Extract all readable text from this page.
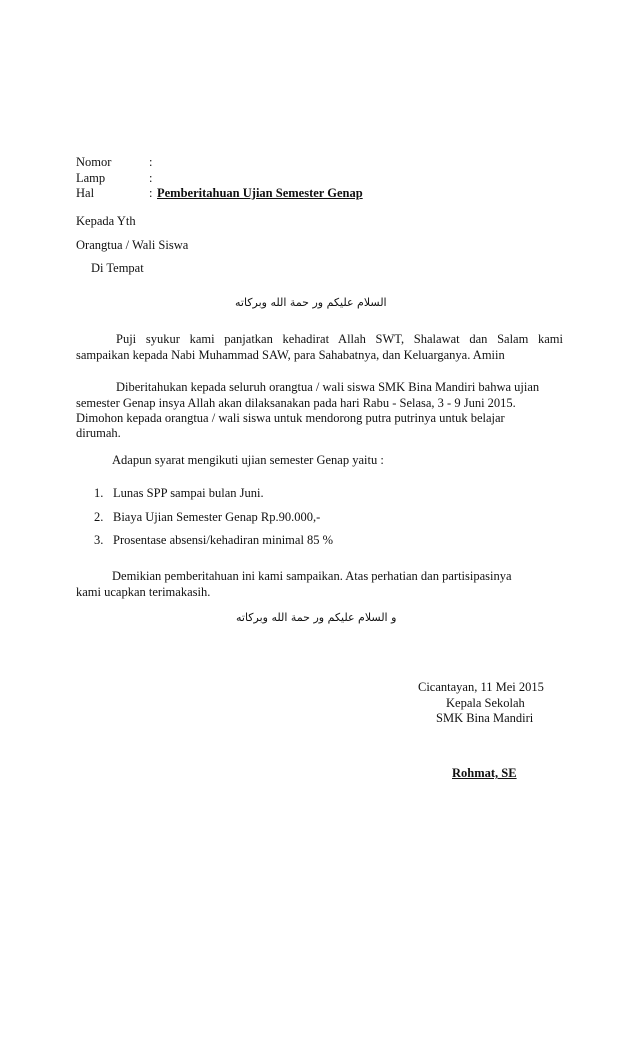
Nomor	:
Lamp	:
Hal	: Pemberitahuan Ujian Semester Genap
Kepada Yth
Orangtua / Wali Siswa
Di Tempat
السلام عليكم ور حمة الله وبركاته
Puji syukur kami panjatkan kehadirat Allah SWT, Shalawat dan Salam kami
sampaikan kepada Nabi Muhammad SAW, para Sahabatnya, dan Keluarganya. Amiin
Diberitahukan kepada seluruh orangtua / wali siswa SMK Bina Mandiri bahwa ujian
semester Genap insya Allah akan dilaksanakan pada hari Rabu - Selasa, 3 - 9 Juni 2015.
Dimohon kepada orangtua / wali siswa untuk mendorong putra putrinya untuk belajar
dirumah.
Adapun syarat mengikuti ujian semester Genap yaitu :
1. Lunas SPP sampai bulan Juni.
2. Biaya Ujian Semester Genap Rp.90.000,-
3. Prosentase absensi/kehadiran minimal 85 %
Demikian pemberitahuan ini kami sampaikan. Atas perhatian dan partisipasinya
kami ucapkan terimakasih.
و السلام عليكم ور حمة الله وبركاته
Cicantayan, 11 Mei 2015
Kepala Sekolah
SMK Bina Mandiri
Rohmat, SE
